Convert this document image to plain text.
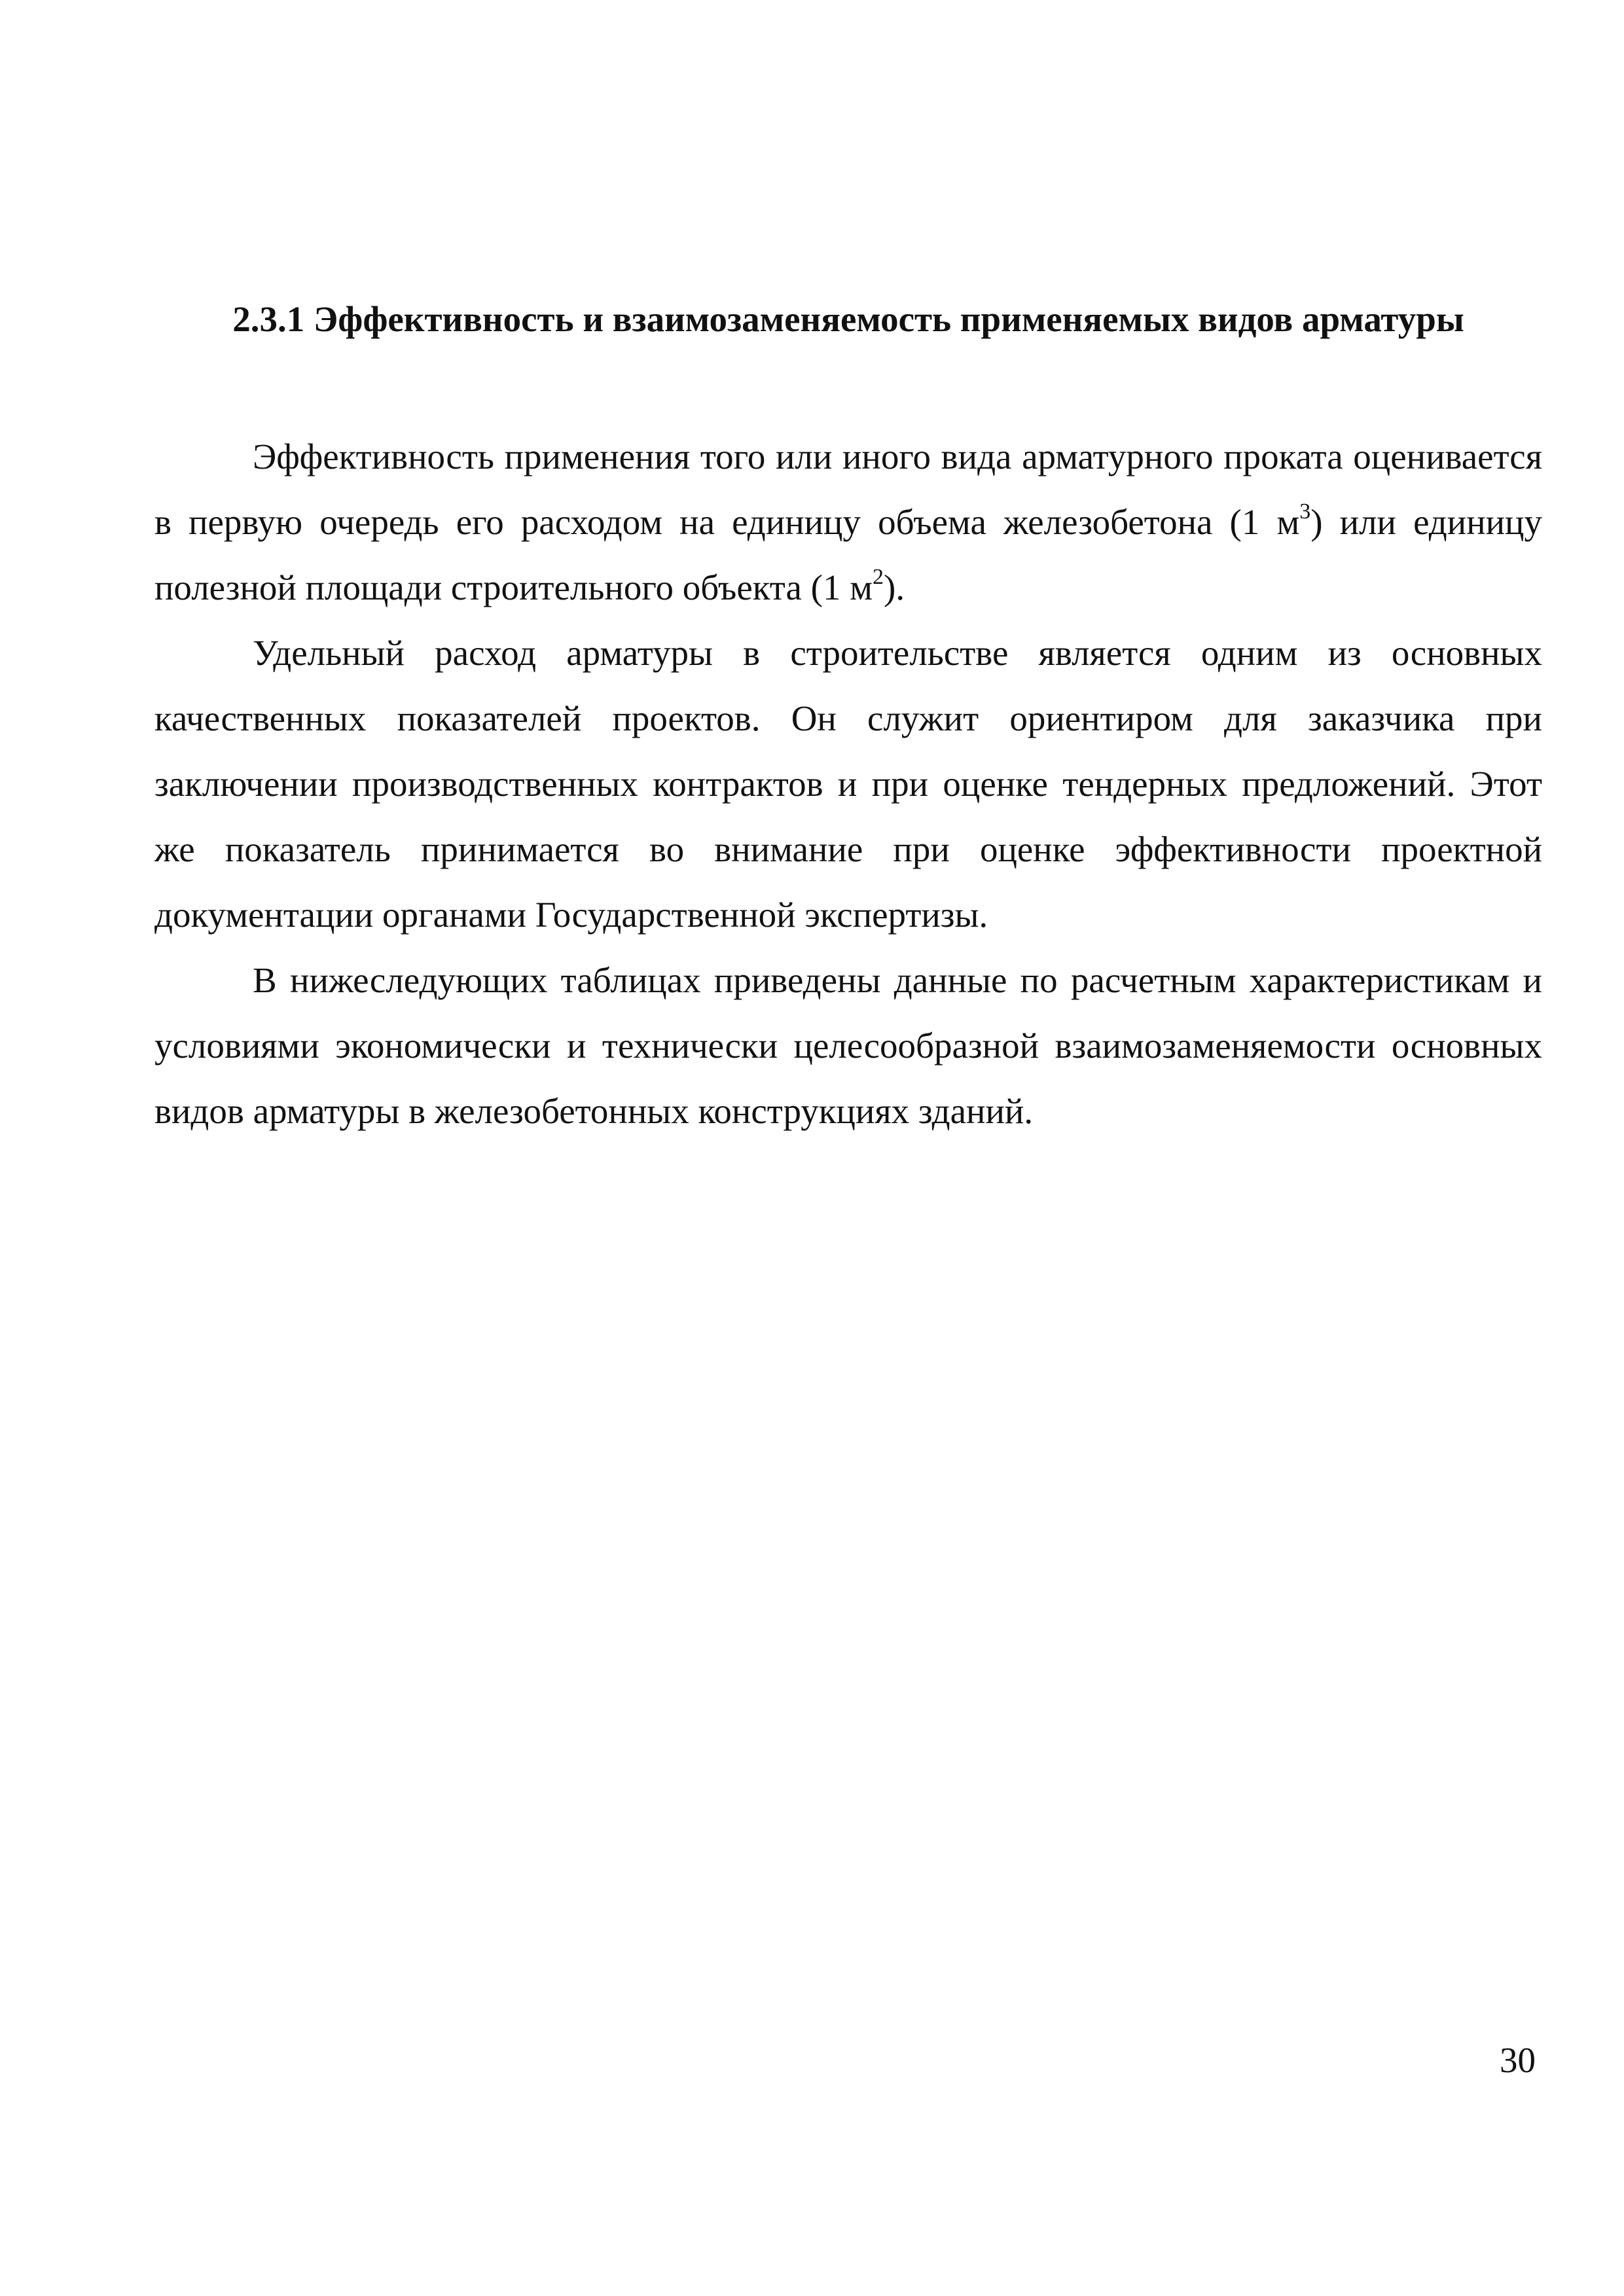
2.3.1 Эффективность и взаимозаменяемость применяемых видов арматуры

Эффективность применения того или иного вида арматурного проката оценивается в первую очередь его расходом на единицу объема железобетона (1 $м^3$) или единицу полезной площади строительного объекта (1 $м^2$).

Удельный расход арматуры в строительстве является одним из основных качественных показателей проектов. Он служит ориентиром для заказчика при заключении производственных контрактов и при оценке тендерных предложений. Этот же показатель принимается во внимание при оценке эффективности проектной документации органами Государственной экспертизы.

В нижеследующих таблицах приведены данные по расчетным характеристикам и условиями экономически и технически целесообразной взаимозаменяемости основных видов арматуры в железобетонных конструкциях зданий.

30
